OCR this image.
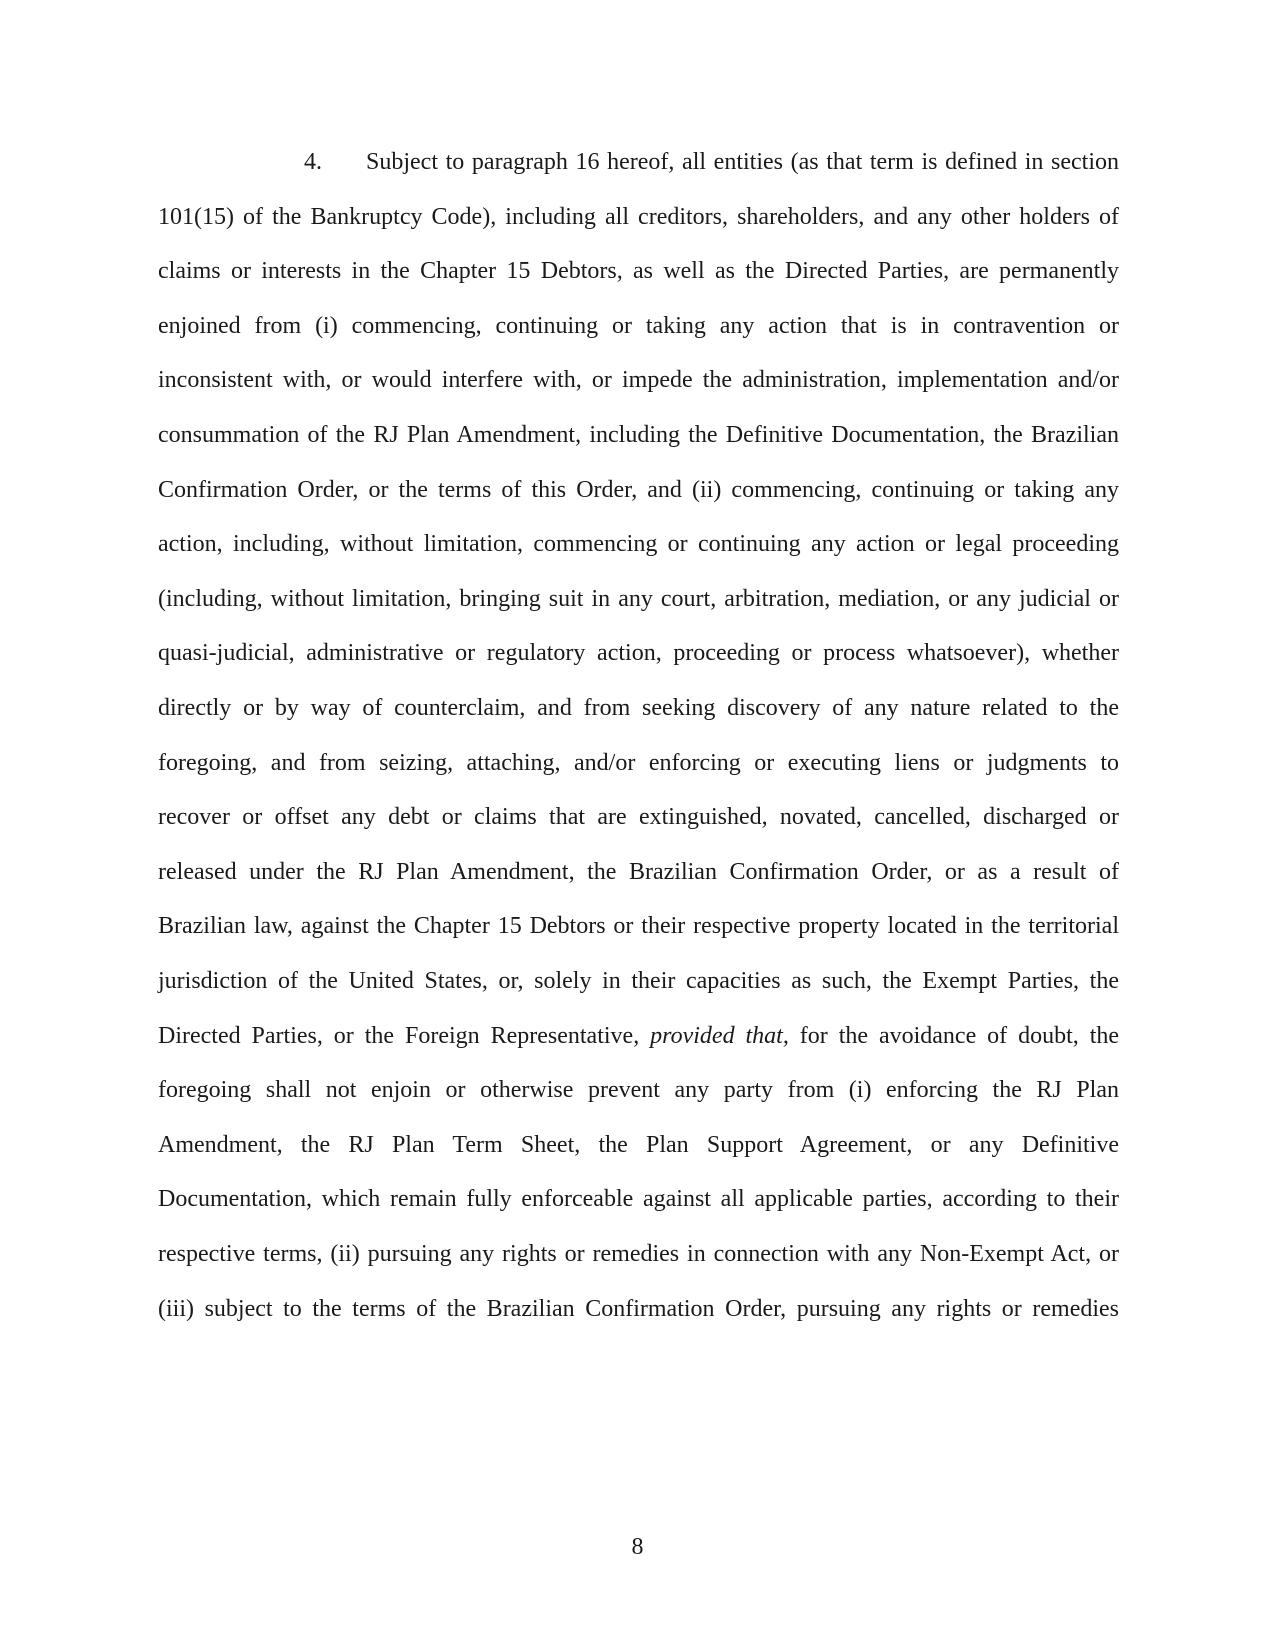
4.	Subject to paragraph 16 hereof, all entities (as that term is defined in section
101(15) of the Bankruptcy Code), including all creditors, shareholders, and any other holders of
claims or interests in the Chapter 15 Debtors, as well as the Directed Parties, are permanently
enjoined from (i) commencing, continuing or taking any action that is in contravention or
inconsistent with, or would interfere with, or impede the administration, implementation and/or
consummation of the RJ Plan Amendment, including the Definitive Documentation, the Brazilian
Confirmation Order, or the terms of this Order, and (ii) commencing, continuing or taking any
action, including, without limitation, commencing or continuing any action or legal proceeding
(including, without limitation, bringing suit in any court, arbitration, mediation, or any judicial or
quasi-judicial, administrative or regulatory action, proceeding or process whatsoever), whether
directly or by way of counterclaim, and from seeking discovery of any nature related to the
foregoing, and from seizing, attaching, and/or enforcing or executing liens or judgments to
recover or offset any debt or claims that are extinguished, novated, cancelled, discharged or
released under the RJ Plan Amendment, the Brazilian Confirmation Order, or as a result of
Brazilian law, against the Chapter 15 Debtors or their respective property located in the territorial
jurisdiction of the United States, or, solely in their capacities as such, the Exempt Parties, the
Directed Parties, or the Foreign Representative, provided that, for the avoidance of doubt, the
foregoing shall not enjoin or otherwise prevent any party from (i) enforcing the RJ Plan
Amendment, the RJ Plan Term Sheet, the Plan Support Agreement, or any Definitive
Documentation, which remain fully enforceable against all applicable parties, according to their
respective terms, (ii) pursuing any rights or remedies in connection with any Non-Exempt Act, or
(iii) subject to the terms of the Brazilian Confirmation Order, pursuing any rights or remedies
8
